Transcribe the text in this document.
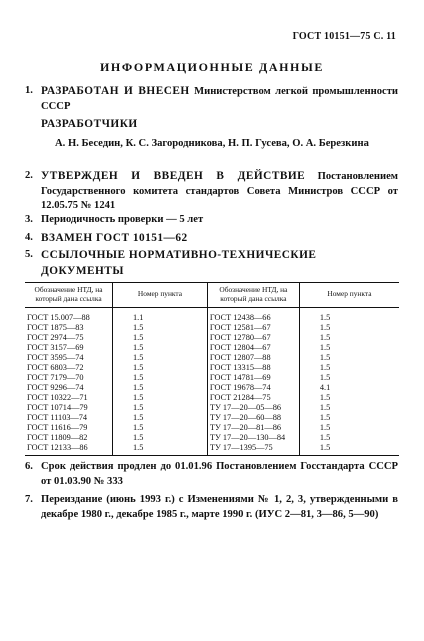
ГОСТ 10151—75 С. 11
ИНФОРМАЦИОННЫЕ ДАННЫЕ
1. РАЗРАБОТАН И ВНЕСЕН Министерством легкой промышленности СССР
РАЗРАБОТЧИКИ
А. Н. Беседин, К. С. Загородникова, Н. П. Гусева, О. А. Березкина
2. УТВЕРЖДЕН И ВВЕДЕН В ДЕЙСТВИЕ Постановлением Государственного комитета стандартов Совета Министров СССР от 12.05.75 № 1241
3. Периодичность проверки — 5 лет
4. ВЗАМЕН ГОСТ 10151—62
5. ССЫЛОЧНЫЕ НОРМАТИВНО-ТЕХНИЧЕСКИЕ ДОКУМЕНТЫ
Обозначение НТД, на который дана ссылка	Номер пункта	Обозначение НТД, на который дана ссылка	Номер пункта
ГОСТ 15.007—88	1.1	ГОСТ 12438—66	1.5
ГОСТ 1875—83	1.5	ГОСТ 12581—67	1.5
ГОСТ 2974—75	1.5	ГОСТ 12780—67	1.5
ГОСТ 3157—69	1.5	ГОСТ 12804—67	1.5
ГОСТ 3595—74	1.5	ГОСТ 12807—88	1.5
ГОСТ 6803—72	1.5	ГОСТ 13315—88	1.5
ГОСТ 7179—70	1.5	ГОСТ 14781—69	1.5
ГОСТ 9296—74	1.5	ГОСТ 19678—74	4.1
ГОСТ 10322—71	1.5	ГОСТ 21284—75	1.5
ГОСТ 10714—79	1.5	ТУ 17—20—05—86	1.5
ГОСТ 11103—74	1.5	ТУ 17—20—60—88	1.5
ГОСТ 11616—79	1.5	ТУ 17—20—81—86	1.5
ГОСТ 11809—82	1.5	ТУ 17—20—130—84	1.5
ГОСТ 12133—86	1.5	ТУ 17—1395—75	1.5
6. Срок действия продлен до 01.01.96 Постановлением Госстандарта СССР от 01.03.90 № 333
7. Переиздание (июнь 1993 г.) с Изменениями № 1, 2, 3, утвержденными в декабре 1980 г., декабре 1985 г., марте 1990 г. (ИУС 2—81, 3—86, 5—90)
